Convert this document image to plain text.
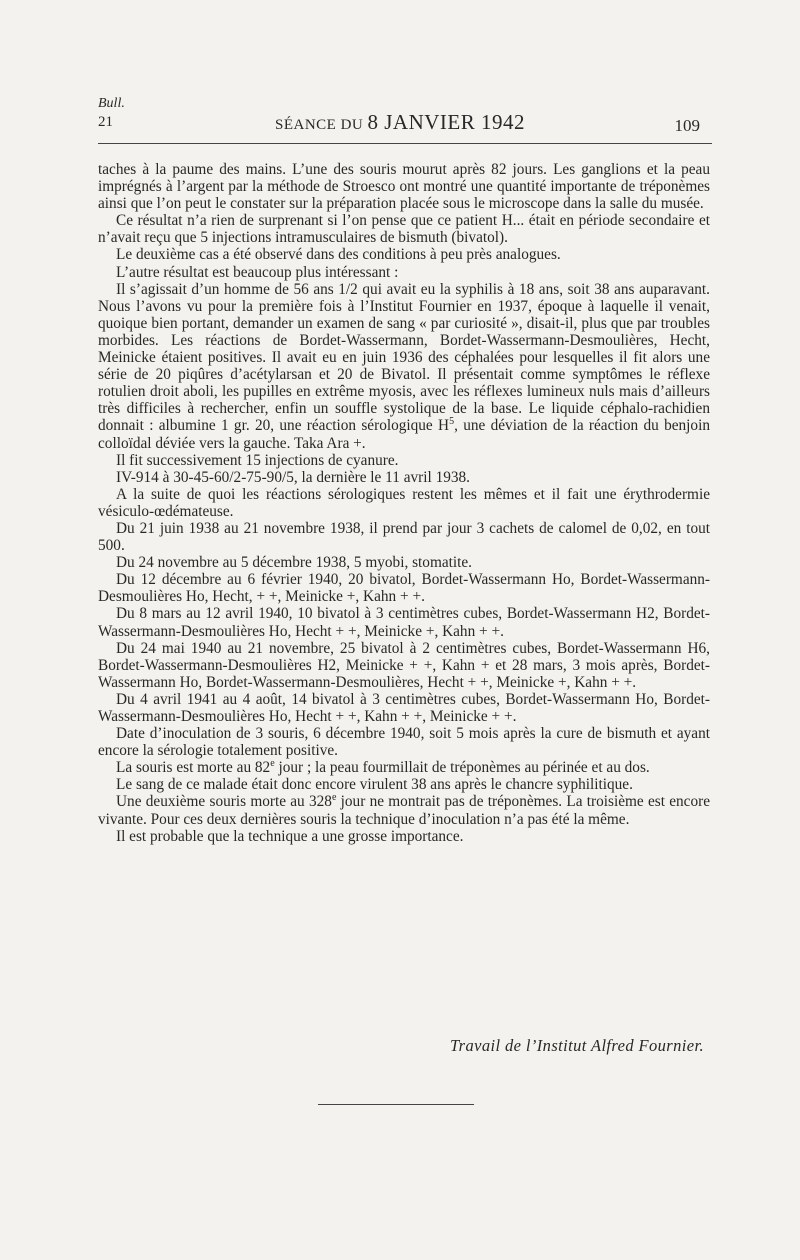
Bull.
21	SÉANCE DU 8 JANVIER 1942	109

taches à la paume des mains. L’une des souris mourut après 82 jours. Les ganglions et la peau imprégnés à l’argent par la méthode de Stroesco ont montré une quantité importante de tréponèmes ainsi que l’on peut le constater sur la préparation placée sous le microscope dans la salle du musée.

Ce résultat n’a rien de surprenant si l’on pense que ce patient H... était en période secondaire et n’avait reçu que 5 injections intramusculaires de bismuth (bivatol).

Le deuxième cas a été observé dans des conditions à peu près analogues.

L’autre résultat est beaucoup plus intéressant :

Il s’agissait d’un homme de 56 ans 1/2 qui avait eu la syphilis à 18 ans, soit 38 ans auparavant. Nous l’avons vu pour la première fois à l’Institut Fournier en 1937, époque à laquelle il venait, quoique bien portant, demander un examen de sang « par curiosité », disait-il, plus que par troubles morbides. Les réactions de Bordet-Wassermann, Bordet-Wassermann-Desmoulières, Hecht, Meinicke étaient positives. Il avait eu en juin 1936 des céphalées pour lesquelles il fit alors une série de 20 piqûres d’acétylarsan et 20 de Bivatol. Il présentait comme symptômes le réflexe rotulien droit aboli, les pupilles en extrême myosis, avec les réflexes lumineux nuls mais d’ailleurs très difficiles à rechercher, enfin un souffle systolique de la base. Le liquide céphalo-rachidien donnait : albumine 1 gr. 20, une réaction sérologique $H^5$, une déviation de la réaction du benjoin colloïdal déviée vers la gauche. Taka Ara +.

Il fit successivement 15 injections de cyanure.

IV-914 à 30-45-60/2-75-90/5, la dernière le 11 avril 1938.

A la suite de quoi les réactions sérologiques restent les mêmes et il fait une érythrodermie vésiculo-œdémateuse.

Du 21 juin 1938 au 21 novembre 1938, il prend par jour 3 cachets de calomel de 0,02, en tout 500.

Du 24 novembre au 5 décembre 1938, 5 myobi, stomatite.

Du 12 décembre au 6 février 1940, 20 bivatol, Bordet-Wassermann Ho, Bordet-Wassermann-Desmoulières Ho, Hecht, + +, Meinicke +, Kahn + +.

Du 8 mars au 12 avril 1940, 10 bivatol à 3 centimètres cubes, Bordet-Wassermann H2, Bordet-Wassermann-Desmoulières Ho, Hecht + +, Meinicke +, Kahn + +.

Du 24 mai 1940 au 21 novembre, 25 bivatol à 2 centimètres cubes, Bordet-Wassermann H6, Bordet-Wassermann-Desmoulières H2, Meinicke + +, Kahn + et 28 mars, 3 mois après, Bordet-Wassermann Ho, Bordet-Wassermann-Desmoulières, Hecht + +, Meinicke +, Kahn + +.

Du 4 avril 1941 au 4 août, 14 bivatol à 3 centimètres cubes, Bordet-Wassermann Ho, Bordet-Wassermann-Desmoulières Ho, Hecht + +, Kahn + +, Meinicke + +.

Date d’inoculation de 3 souris, 6 décembre 1940, soit 5 mois après la cure de bismuth et ayant encore la sérologie totalement positive.

La souris est morte au 82e jour ; la peau fourmillait de tréponèmes au périnée et au dos.

Le sang de ce malade était donc encore virulent 38 ans après le chancre syphilitique.

Une deuxième souris morte au 328e jour ne montrait pas de tréponèmes. La troisième est encore vivante. Pour ces deux dernières souris la technique d’inoculation n’a pas été la même.

Il est probable que la technique a une grosse importance.

Travail de l’Institut Alfred Fournier.
